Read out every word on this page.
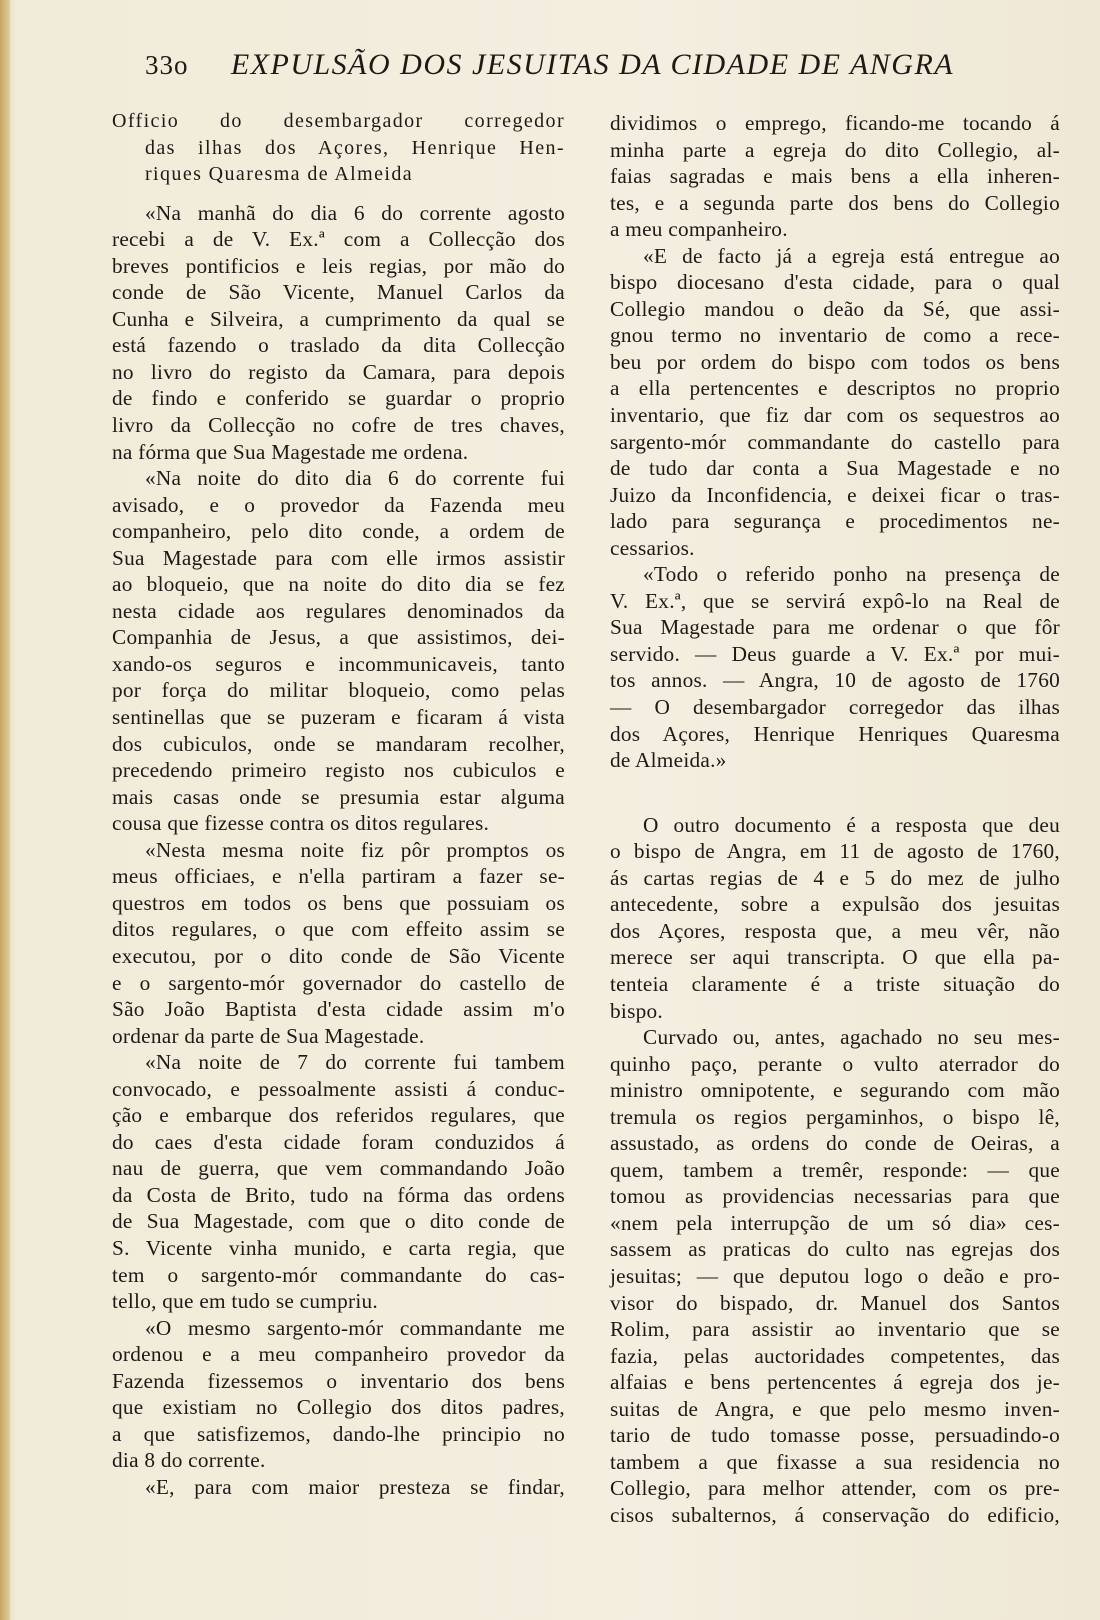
33o	EXPULSÃO DOS JESUITAS DA CIDADE DE ANGRA
Officio do desembargador corregedor
das ilhas dos Açores, Henrique Hen-
riques Quaresma de Almeida
«Na manhã do dia 6 do corrente agosto
recebi a de V. Ex.ª com a Collecção dos
breves pontificios e leis regias, por mão do
conde de São Vicente, Manuel Carlos da
Cunha e Silveira, a cumprimento da qual se
está fazendo o traslado da dita Collecção
no livro do registo da Camara, para depois
de findo e conferido se guardar o proprio
livro da Collecção no cofre de tres chaves,
na fórma que Sua Magestade me ordena.
«Na noite do dito dia 6 do corrente fui
avisado, e o provedor da Fazenda meu
companheiro, pelo dito conde, a ordem de
Sua Magestade para com elle irmos assistir
ao bloqueio, que na noite do dito dia se fez
nesta cidade aos regulares denominados da
Companhia de Jesus, a que assistimos, dei-
xando-os seguros e incommunicaveis, tanto
por força do militar bloqueio, como pelas
sentinellas que se puzeram e ficaram á vista
dos cubiculos, onde se mandaram recolher,
precedendo primeiro registo nos cubiculos e
mais casas onde se presumia estar alguma
cousa que fizesse contra os ditos regulares.
«Nesta mesma noite fiz pôr promptos os
meus officiaes, e n'ella partiram a fazer se-
questros em todos os bens que possuiam os
ditos regulares, o que com effeito assim se
executou, por o dito conde de São Vicente
e o sargento-mór governador do castello de
São João Baptista d'esta cidade assim m'o
ordenar da parte de Sua Magestade.
«Na noite de 7 do corrente fui tambem
convocado, e pessoalmente assisti á conduc-
ção e embarque dos referidos regulares, que
do caes d'esta cidade foram conduzidos á
nau de guerra, que vem commandando João
da Costa de Brito, tudo na fórma das ordens
de Sua Magestade, com que o dito conde de
S. Vicente vinha munido, e carta regia, que
tem o sargento-mór commandante do cas-
tello, que em tudo se cumpriu.
«O mesmo sargento-mór commandante me
ordenou e a meu companheiro provedor da
Fazenda fizessemos o inventario dos bens
que existiam no Collegio dos ditos padres,
a que satisfizemos, dando-lhe principio no
dia 8 do corrente.
«E, para com maior presteza se findar,
dividimos o emprego, ficando-me tocando á
minha parte a egreja do dito Collegio, al-
faias sagradas e mais bens a ella inheren-
tes, e a segunda parte dos bens do Collegio
a meu companheiro.
«E de facto já a egreja está entregue ao
bispo diocesano d'esta cidade, para o qual
Collegio mandou o deão da Sé, que assi-
gnou termo no inventario de como a rece-
beu por ordem do bispo com todos os bens
a ella pertencentes e descriptos no proprio
inventario, que fiz dar com os sequestros ao
sargento-mór commandante do castello para
de tudo dar conta a Sua Magestade e no
Juizo da Inconfidencia, e deixei ficar o tras-
lado para segurança e procedimentos ne-
cessarios.
«Todo o referido ponho na presença de
V. Ex.ª, que se servirá expô-lo na Real de
Sua Magestade para me ordenar o que fôr
servido. — Deus guarde a V. Ex.ª por mui-
tos annos. — Angra, 10 de agosto de 1760
— O desembargador corregedor das ilhas
dos Açores, Henrique Henriques Quaresma
de Almeida.»
O outro documento é a resposta que deu
o bispo de Angra, em 11 de agosto de 1760,
ás cartas regias de 4 e 5 do mez de julho
antecedente, sobre a expulsão dos jesuitas
dos Açores, resposta que, a meu vêr, não
merece ser aqui transcripta. O que ella pa-
tenteia claramente é a triste situação do
bispo.
Curvado ou, antes, agachado no seu mes-
quinho paço, perante o vulto aterrador do
ministro omnipotente, e segurando com mão
tremula os regios pergaminhos, o bispo lê,
assustado, as ordens do conde de Oeiras, a
quem, tambem a tremêr, responde: — que
tomou as providencias necessarias para que
«nem pela interrupção de um só dia» ces-
sassem as praticas do culto nas egrejas dos
jesuitas; — que deputou logo o deão e pro-
visor do bispado, dr. Manuel dos Santos
Rolim, para assistir ao inventario que se
fazia, pelas auctoridades competentes, das
alfaias e bens pertencentes á egreja dos je-
suitas de Angra, e que pelo mesmo inven-
tario de tudo tomasse posse, persuadindo-o
tambem a que fixasse a sua residencia no
Collegio, para melhor attender, com os pre-
cisos subalternos, á conservação do edificio,
